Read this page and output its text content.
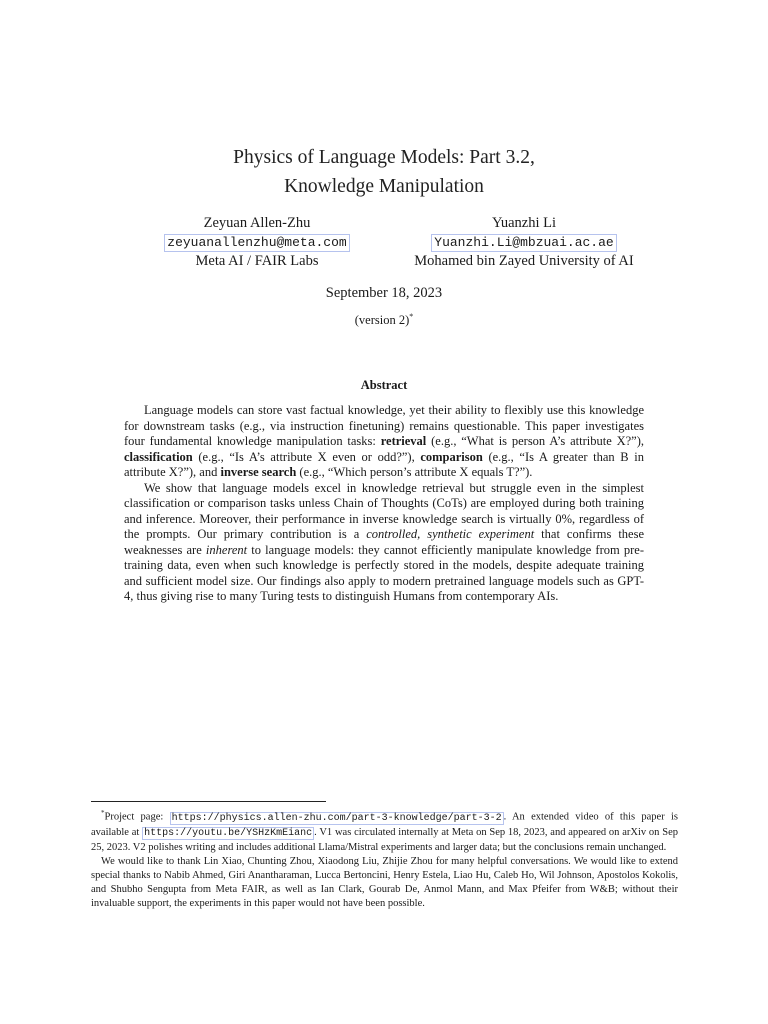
Physics of Language Models: Part 3.2,
Knowledge Manipulation
Zeyuan Allen-Zhu
zeyuanallenzhu@meta.com
Meta AI / FAIR Labs
Yuanzhi Li
Yuanzhi.Li@mbzuai.ac.ae
Mohamed bin Zayed University of AI
September 18, 2023
(version 2)*
Abstract

Language models can store vast factual knowledge, yet their ability to flexibly use this knowledge for downstream tasks (e.g., via instruction finetuning) remains questionable. This paper investigates four fundamental knowledge manipulation tasks: retrieval (e.g., “What is person A’s attribute X?”), classification (e.g., “Is A’s attribute X even or odd?”), comparison (e.g., “Is A greater than B in attribute X?”), and inverse search (e.g., “Which person’s attribute X equals T?”).

We show that language models excel in knowledge retrieval but struggle even in the simplest classification or comparison tasks unless Chain of Thoughts (CoTs) are employed during both training and inference. Moreover, their performance in inverse knowledge search is virtually 0%, regardless of the prompts. Our primary contribution is a controlled, synthetic experiment that confirms these weaknesses are inherent to language models: they cannot efficiently manipulate knowledge from pre-training data, even when such knowledge is perfectly stored in the models, despite adequate training and sufficient model size. Our findings also apply to modern pretrained language models such as GPT-4, thus giving rise to many Turing tests to distinguish Humans from contemporary AIs.

*Project page: https://physics.allen-zhu.com/part-3-knowledge/part-3-2 . An extended video of this paper is available at https://youtu.be/YSHzKmEianc . V1 was circulated internally at Meta on Sep 18, 2023, and appeared on arXiv on Sep 25, 2023. V2 polishes writing and includes additional Llama/Mistral experiments and larger data; but the conclusions remain unchanged.

We would like to thank Lin Xiao, Chunting Zhou, Xiaodong Liu, Zhijie Zhou for many helpful conversations. We would like to extend special thanks to Nabib Ahmed, Giri Anantharaman, Lucca Bertoncini, Henry Estela, Liao Hu, Caleb Ho, Wil Johnson, Apostolos Kokolis, and Shubho Sengupta from Meta FAIR, as well as Ian Clark, Gourab De, Anmol Mann, and Max Pfeifer from W&B; without their invaluable support, the experiments in this paper would not have been possible.
